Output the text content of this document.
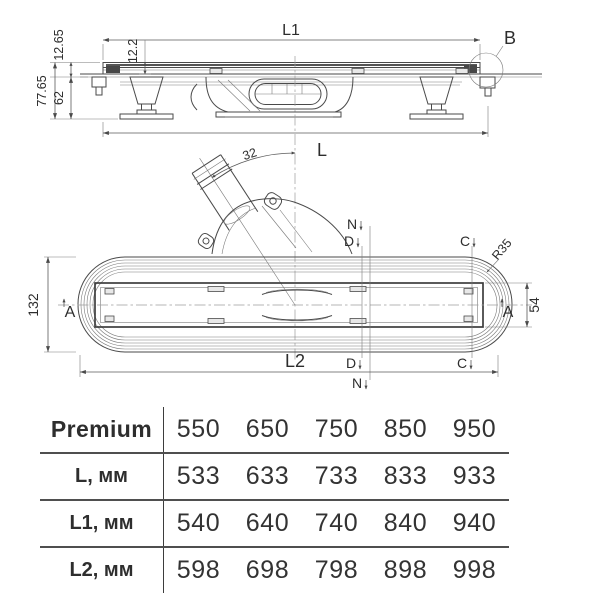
L1	B
77.65
12.65
62
12.2
L
32
N
D	C
D
N
C
A	A
R35
132	54
L2
Premium 550	650	750	850	950
L, мм	533	633	733	833	933
L1, мм	540	640	740	840	940
L2, мм	598	698	798	898	998
